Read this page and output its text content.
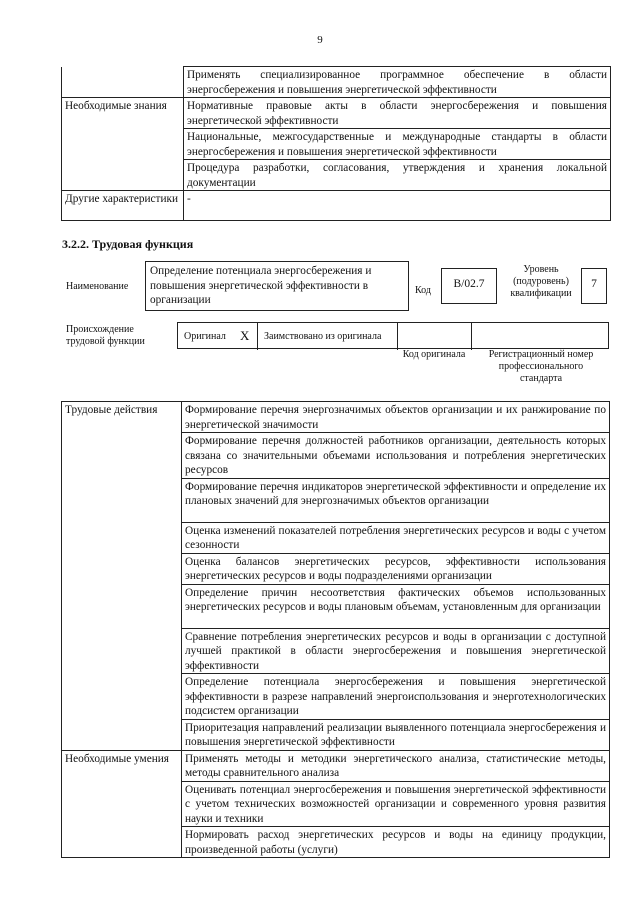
9
	Применять специализированное программное обеспечение в области энергосбережения и повышения энергетической эффективности
Необходимые знания	Нормативные правовые акты в области энергосбережения и повышения энергетической эффективности
	Национальные, межгосударственные и международные стандарты в области энергосбережения и повышения энергетической эффективности
	Процедура разработки, согласования, утверждения и хранения локальной документации
Другие характеристики	-
3.2.2. Трудовая функция
Наименование
Определение потенциала энергосбережения и повышения энергетической эффективности в организации
Код
B/02.7
Уровень (подуровень) квалификации
7
Происхождение трудовой функции	Оригинал X Заимствовано из оригинала
Код оригинала	Регистрационный номер профессионального стандарта
Трудовые действия	Формирование перечня энергозначимых объектов организации и их ранжирование по энергетической значимости
	Формирование перечня должностей работников организации, деятельность которых связана со значительными объемами использования и потребления энергетических ресурсов
	Формирование перечня индикаторов энергетической эффективности и определение их плановых значений для энергозначимых объектов организации
	Оценка изменений показателей потребления энергетических ресурсов и воды с учетом сезонности
	Оценка балансов энергетических ресурсов, эффективности использования энергетических ресурсов и воды подразделениями организации
	Определение причин несоответствия фактических объемов использованных энергетических ресурсов и воды плановым объемам, установленным для организации
	Сравнение потребления энергетических ресурсов и воды в организации с доступной лучшей практикой в области энергосбережения и повышения энергетической эффективности
	Определение потенциала энергосбережения и повышения энергетической эффективности в разрезе направлений энергоиспользования и энерготехнологических подсистем организации
	Приоритезация направлений реализации выявленного потенциала энергосбережения и повышения энергетической эффективности
Необходимые умения	Применять методы и методики энергетического анализа, статистические методы, методы сравнительного анализа
	Оценивать потенциал энергосбережения и повышения энергетической эффективности с учетом технических возможностей организации и современного уровня развития науки и техники
	Нормировать расход энергетических ресурсов и воды на единицу продукции, произведенной работы (услуги)
